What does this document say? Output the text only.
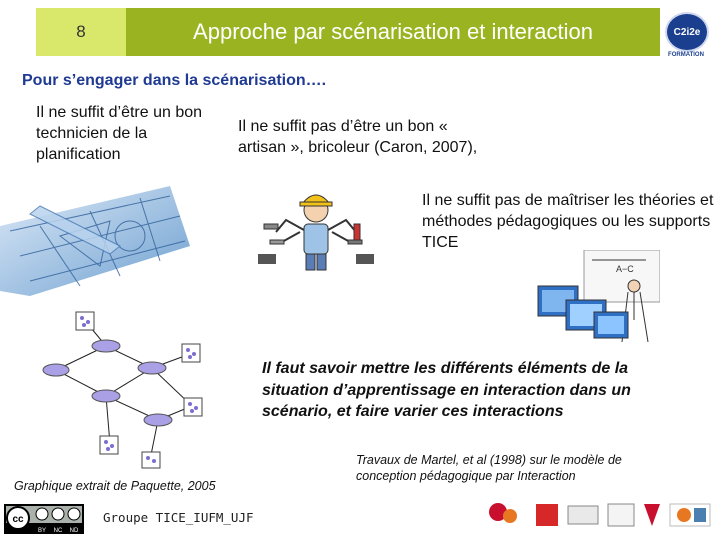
8	Approche par scénarisation et interaction	C2i2e
FORMATION
Pour s’engager dans la scénarisation….
Il ne suffit d’être un bon technicien de la planification
Il ne suffit pas d’être un bon « artisan », bricoleur (Caron, 2007),
Il ne suffit pas de maîtriser les théories et méthodes pédagogiques ou les supports TICE
Il faut savoir mettre les différents éléments de la situation d’apprentissage en interaction dans un scénario, et faire varier ces interactions
A−C
Graphique extrait de Paquette, 2005
Travaux de Martel, et al (1998) sur le modèle de conception pédagogique par Interaction
cc
BY NC ND
Groupe TICE_IUFM_UJF
